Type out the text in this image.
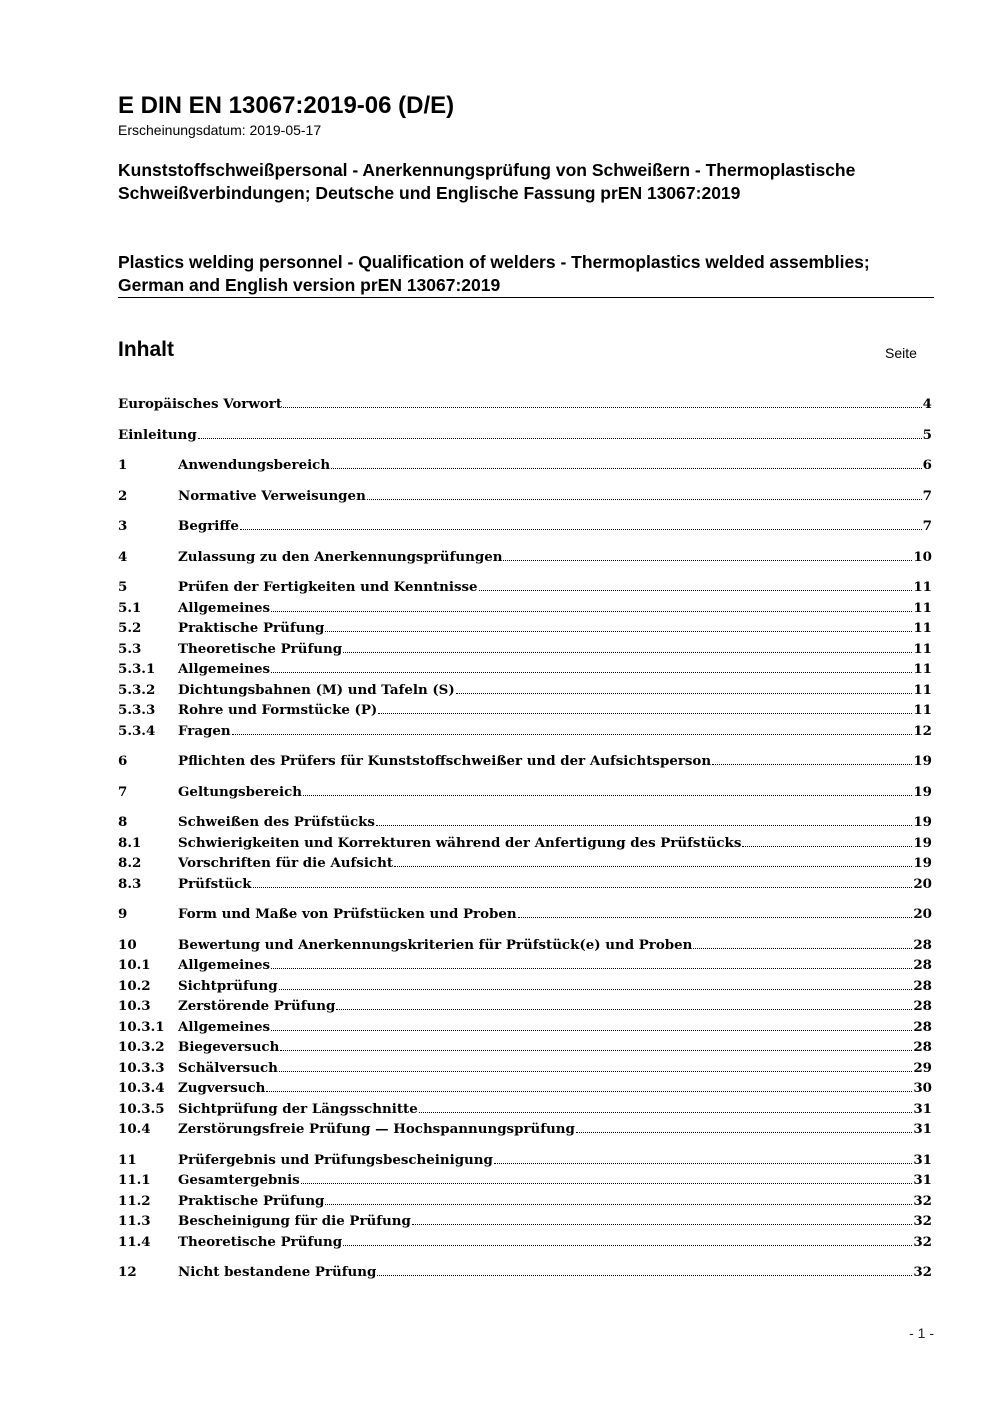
E DIN EN 13067:2019-06 (D/E)
Erscheinungsdatum: 2019-05-17
Kunststoffschweißpersonal - Anerkennungsprüfung von Schweißern - Thermoplastische Schweißverbindungen; Deutsche und Englische Fassung prEN 13067:2019
Plastics welding personnel - Qualification of welders - Thermoplastics welded assemblies; German and English version prEN 13067:2019
Inhalt	Seite
Europäisches Vorwort	4
Einleitung	5
1	Anwendungsbereich	6
2	Normative Verweisungen	7
3	Begriffe	7
4	Zulassung zu den Anerkennungsprüfungen	10
5	Prüfen der Fertigkeiten und Kenntnisse	11
5.1	Allgemeines	11
5.2	Praktische Prüfung	11
5.3	Theoretische Prüfung	11
5.3.1	Allgemeines	11
5.3.2	Dichtungsbahnen (M) und Tafeln (S)	11
5.3.3	Rohre und Formstücke (P)	11
5.3.4	Fragen	12
6	Pflichten des Prüfers für Kunststoffschweißer und der Aufsichtsperson	19
7	Geltungsbereich	19
8	Schweißen des Prüfstücks	19
8.1	Schwierigkeiten und Korrekturen während der Anfertigung des Prüfstücks	19
8.2	Vorschriften für die Aufsicht	19
8.3	Prüfstück	20
9	Form und Maße von Prüfstücken und Proben	20
10	Bewertung und Anerkennungskriterien für Prüfstück(e) und Proben	28
10.1	Allgemeines	28
10.2	Sichtprüfung	28
10.3	Zerstörende Prüfung	28
10.3.1	Allgemeines	28
10.3.2	Biegeversuch	28
10.3.3	Schälversuch	29
10.3.4	Zugversuch	30
10.3.5	Sichtprüfung der Längsschnitte	31
10.4	Zerstörungsfreie Prüfung — Hochspannungsprüfung	31
11	Prüfergebnis und Prüfungsbescheinigung	31
11.1	Gesamtergebnis	31
11.2	Praktische Prüfung	32
11.3	Bescheinigung für die Prüfung	32
11.4	Theoretische Prüfung	32
12	Nicht bestandene Prüfung	32
- 1 -
